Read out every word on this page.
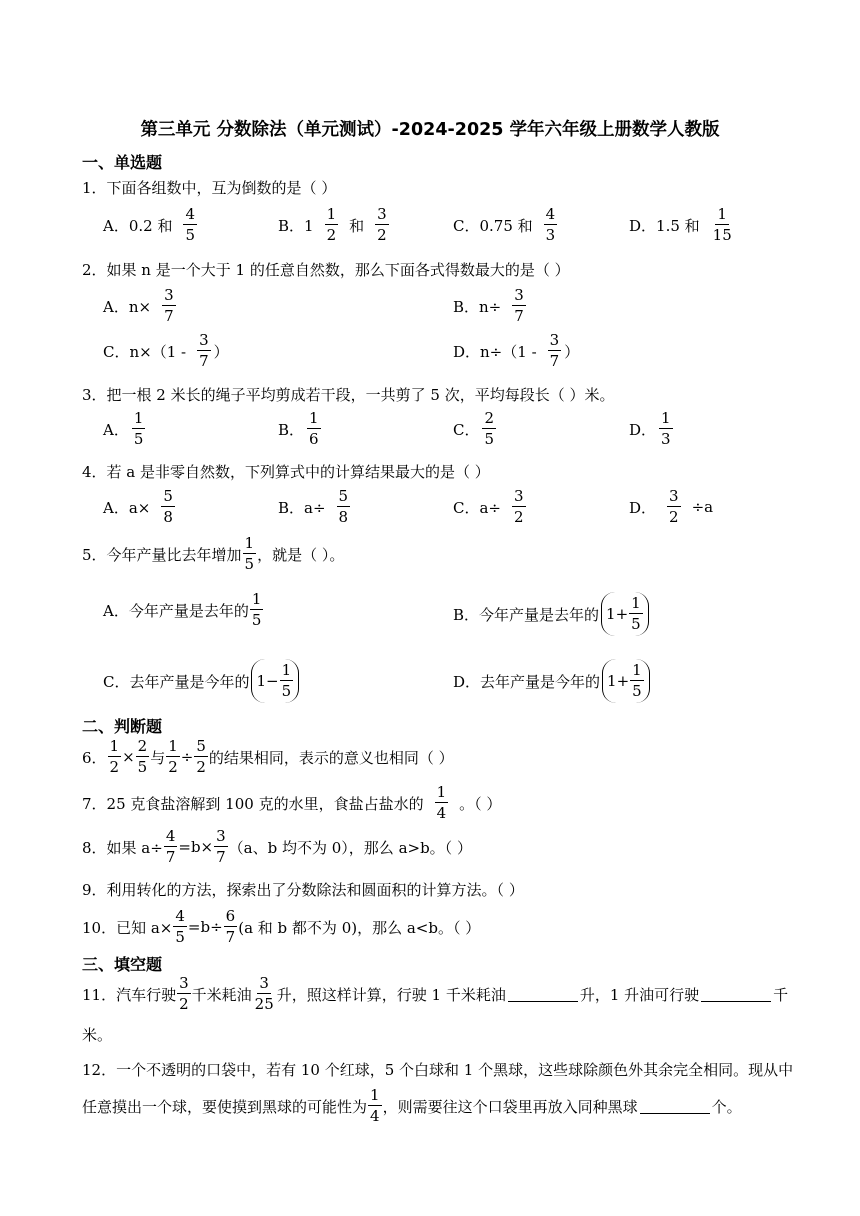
第三单元 分数除法（单元测试）-2024-2025 学年六年级上册数学人教版
一、单选题
1．下面各组数中，互为倒数的是（ ）
A．0.2 和 $\frac{4}{5}$	B．$1 \frac{1}{2}$ 和 $\frac{3}{2}$	C．0.75 和 $\frac{4}{3}$	D．1.5 和 $\frac{1}{15}$
2．如果 n 是一个大于 1 的任意自然数，那么下面各式得数最大的是（ ）
A．$n\times \frac{3}{7}$	B．$n\div \frac{3}{7}$
C．$n\times(1 - \frac{3}{7}$ ）	D．$n\div(1 - \frac{3}{7}$ ）
3．把一根 2 米长的绳子平均剪成若干段，一共剪了 5 次，平均每段长（ ）米。
A． $\frac{1}{5}$	B． $\frac{1}{6}$	C． $\frac{2}{5}$	D． $\frac{1}{3}$
4．若 a 是非零自然数，下列算式中的计算结果最大的是（ ）
A．$a\times \frac{5}{8}$	B．$a\div \frac{5}{8}$	C．$a\div \frac{3}{2}$	D． $\frac{3}{2} \div a$
5．今年产量比去年增加 $\frac{1}{5}$ ，就是（ ）。
A．今年产量是去年的 $\frac{1}{5}$	B．今年产量是去年的 $1+ \frac{1}{5}$
C．去年产量是今年的 $1- \frac{1}{5}$	D．去年产量是今年的 $1+ \frac{1}{5}$
二、判断题
6． $\frac{1}{2} \times \frac{2}{5}$ 与 $\frac{1}{2} \div \frac{5}{2}$ 的结果相同，表示的意义也相同（ ）
7．25 克食盐溶解到 100 克的水里，食盐占盐水的 $\frac{1}{4}$ 。（ ）
8．如果 $a\div \frac{4}{7} =b\times \frac{3}{7} (a$、b 均不为 0），那么 a>b。（ ）
9．利用转化的方法，探索出了分数除法和圆面积的计算方法。（ ）
10．已知 $a\times \frac{4}{5} =b\div \frac{6}{7} (a$ 和 b 都不为 0)，那么 a<b。（ ）
三、填空题
11．汽车行驶 $\frac{3}{2}$ 千米耗油 $\frac{3}{25}$ 升，照这样计算，行驶 1 千米耗油	升，1 升油可行驶	千
米。
12．一个不透明的口袋中，若有 10 个红球，5 个白球和 1 个黑球，这些球除颜色外其余完全相同。现从中
任意摸出一个球，要使摸到黑球的可能性为 $\frac{1}{4}$ ，则需要往这个口袋里再放入同种黑球	个。
